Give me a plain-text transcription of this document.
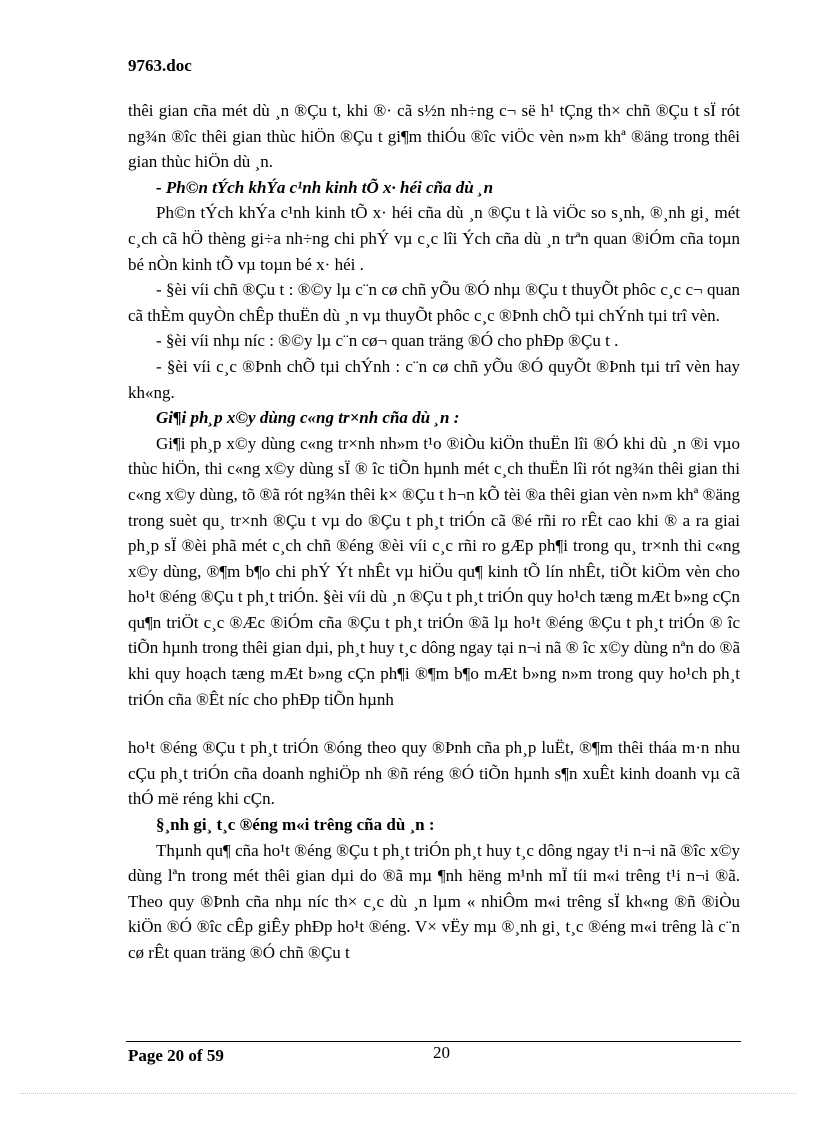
9763.doc

thêi gian cña mét dù ¸n ®Çu t, khi ®· cã s½n nh÷ng c¬ së h¹ tÇng th× chñ ®Çu t sÏ rót ng¾n ®îc thêi gian thùc hiÖn ®Çu t gi¶m thiÓu ®îc viÖc vèn n»m khª ®äng trong thêi gian thùc hiÖn dù ¸n.

- Ph©n tÝch khÝa c¹nh kinh tÕ x· héi cña dù ¸n

Ph©n tÝch khÝa c¹nh kinh tÕ x· héi cña dù ¸n ®Çu t là viÖc so s¸nh, ®¸nh gi¸ mét c¸ch cã hÖ thèng gi÷a nh÷ng chi phÝ vµ c¸c lîi Ých cña dù ¸n trªn quan ®iÓm cña toµn bé nÒn kinh tÕ vµ toµn bé x· héi .

- §èi víi chñ ®Çu t : ®©y lµ c¨n cø chñ yÕu ®Ó nhµ ®Çu t thuyÕt phôc c¸c c¬ quan cã thÈm quyÒn chÊp thuËn dù ¸n vµ thuyÕt phôc c¸c ®Þnh chÕ tµi chÝnh tµi trî vèn.

- §èi víi nhµ níc : ®©y lµ c¨n cø¬ quan träng ®Ó cho phÐp ®Çu t .

- §èi víi c¸c ®Þnh chÕ tµi chÝnh : c¨n cø chñ yÕu ®Ó quyÕt ®Þnh tµi trî vèn hay kh«ng.

Gi¶i ph¸p x©y dùng c«ng tr×nh cña dù ¸n :

Gi¶i ph¸p x©y dùng c«ng tr×nh nh»m t¹o ®iÒu kiÖn thuËn lîi ®Ó khi dù ¸n ®i vµo thùc hiÖn, thi c«ng x©y dùng sÏ ® îc tiÕn hµnh mét c¸ch thuËn lîi rót ng¾n thêi gian thi c«ng x©y dùng, tõ ®ã rót ng¾n thêi k× ®Çu t h¬n kÕ tèi ®a thêi gian vèn n»m khª ®äng trong suèt qu¸ tr×nh ®Çu t vµ do ®Çu t ph¸t triÓn cã ®é rñi ro rÊt cao khi ® a ra giai ph¸p sÏ ®èi phã mét c¸ch chñ ®éng ®èi víi c¸c rñi ro gÆp ph¶i trong qu¸ tr×nh thi c«ng x©y dùng, ®¶m b¶o chi phÝ Ýt nhÊt vµ hiÖu qu¶ kinh tÕ lín nhÊt, tiÕt kiÖm vèn cho ho¹t ®éng ®Çu t ph¸t triÓn. §èi víi dù ¸n ®Çu t ph¸t triÓn quy ho¹ch tæng mÆt b»ng cÇn qu¶n triÖt c¸c ®Æc ®iÓm cña ®Çu t ph¸t triÓn ®ã lµ ho¹t ®éng ®Çu t ph¸t triÓn ® îc tiÕn hµnh trong thêi gian dµi, ph¸t huy t¸c dông ngay tại n¬i nã ® îc x©y dùng nªn do ®ã khi quy hoạch tæng mÆt b»ng cÇn ph¶i ®¶m b¶o mÆt b»ng n»m trong quy ho¹ch ph¸t triÓn cña ®Êt níc cho phÐp tiÕn hµnh

ho¹t ®éng ®Çu t ph¸t triÓn ®óng theo quy ®Þnh cña ph¸p luËt, ®¶m thêi tháa m·n nhu cÇu ph¸t triÓn cña doanh nghiÖp nh ®ñ réng ®Ó tiÕn hµnh s¶n xuÊt kinh doanh vµ cã thÓ më réng khi cÇn.

§¸nh gi¸ t¸c ®éng m«i trêng cña dù ¸n :

Thµnh qu¶ cña ho¹t ®éng ®Çu t ph¸t triÓn ph¸t huy t¸c dông ngay t¹i n¬i nã ®îc x©y dùng lªn trong mét thêi gian dµi do ®ã mµ ¶nh hëng m¹nh mÏ tíi m«i trêng t¹i n¬i ®ã. Theo quy ®Þnh cña nhµ níc th× c¸c dù ¸n lµm « nhiÔm m«i trêng sÏ kh«ng ®ñ ®iÒu kiÖn ®Ó ®îc cÊp giÊy phÐp ho¹t ®éng. V× vËy mµ ®¸nh gi¸ t¸c ®éng m«i trêng là c¨n cø rÊt quan träng ®Ó chñ ®Çu t

Page 20 of 59	20
